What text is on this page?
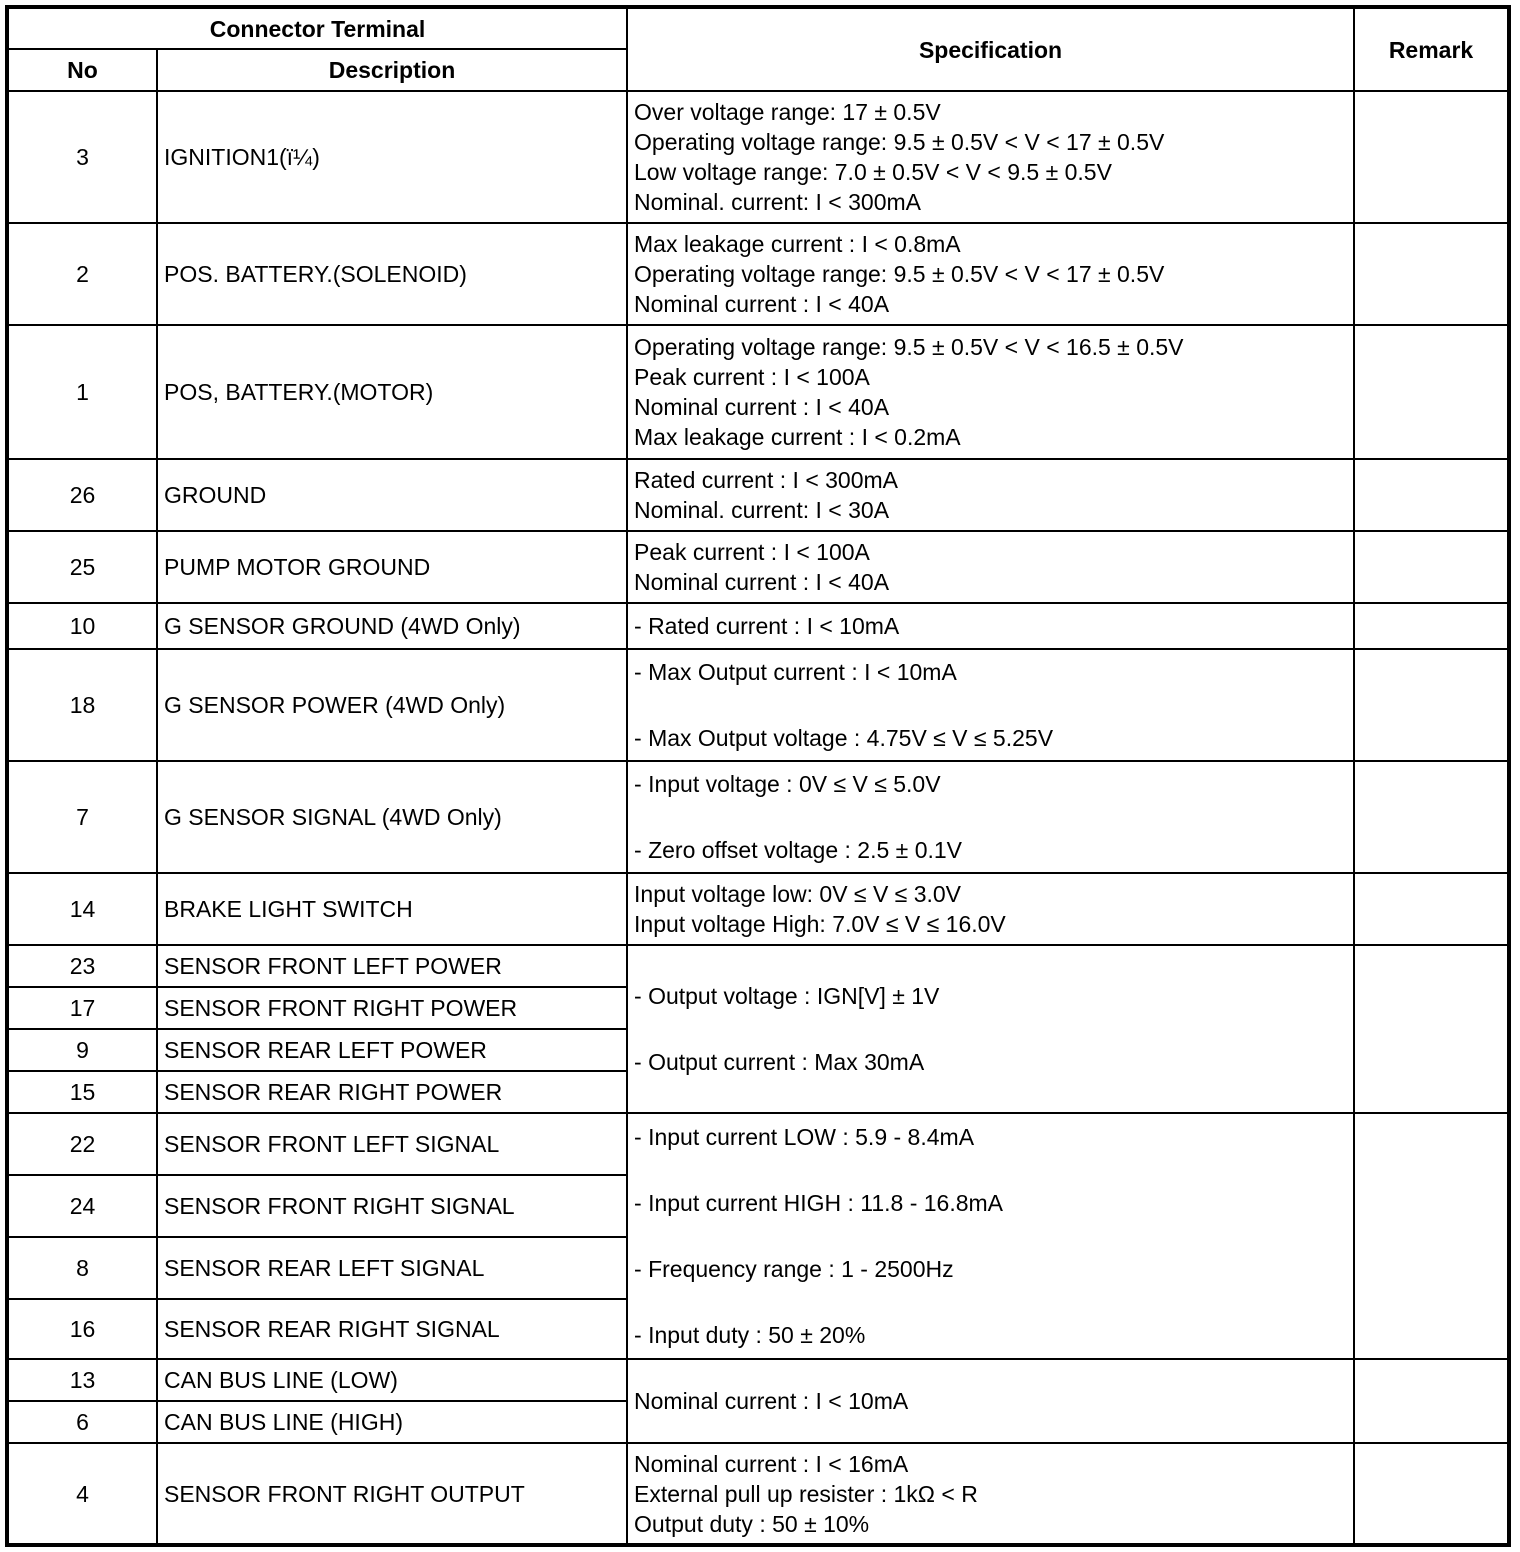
Connector Terminal		Specification	Remark
No	Description		
3	IGNITION1(ï¼)	Over voltage range: 17 ± 0.5V
Operating voltage range: 9.5 ± 0.5V < V < 17 ± 0.5V
Low voltage range: 7.0 ± 0.5V < V < 9.5 ± 0.5V
Nominal. current: I < 300mA	

2	POS. BATTERY.(SOLENOID)	Max leakage current : I < 0.8mA
Operating voltage range: 9.5 ± 0.5V < V < 17 ± 0.5V
Nominal current : I < 40A	

1	POS, BATTERY.(MOTOR)	Operating voltage range: 9.5 ± 0.5V < V < 16.5 ± 0.5V
Peak current : I < 100A
Nominal current : I < 40A
Max leakage current : I < 0.2mA	

26	GROUND	Rated current : I < 300mA
Nominal. current: I < 30A	

25	PUMP MOTOR GROUND	Peak current : I < 100A
Nominal current : I < 40A	

10	G SENSOR GROUND (4WD Only)	- Rated current : I < 10mA	

18	G SENSOR POWER (4WD Only)	- Max Output current : I < 10mA
- Max Output voltage : 4.75V ≤ V ≤ 5.25V	

7	G SENSOR SIGNAL (4WD Only)	- Input voltage : 0V ≤ V ≤ 5.0V
- Zero offset voltage : 2.5 ± 0.1V	

14	BRAKE LIGHT SWITCH	Input voltage low: 0V ≤ V ≤ 3.0V
Input voltage High: 7.0V ≤ V ≤ 16.0V	

23	SENSOR FRONT LEFT POWER	- Output voltage : IGN[V] ± 1V
- Output current : Max 30mA	

17	SENSOR FRONT RIGHT POWER		
9	SENSOR REAR LEFT POWER		
15	SENSOR REAR RIGHT POWER		
22	SENSOR FRONT LEFT SIGNAL	- Input current LOW : 5.9 - 8.4mA
- Input current HIGH : 11.8 - 16.8mA
- Frequency range : 1 - 2500Hz
- Input duty : 50 ± 20%	

24	SENSOR FRONT RIGHT SIGNAL		
8	SENSOR REAR LEFT SIGNAL		
16	SENSOR REAR RIGHT SIGNAL		
13	CAN BUS LINE (LOW)	Nominal current : I < 10mA	

6	CAN BUS LINE (HIGH)		
4	SENSOR FRONT RIGHT OUTPUT	Nominal current : I < 16mA
External pull up resister : 1kΩ < R
Output duty : 50 ± 10%	
